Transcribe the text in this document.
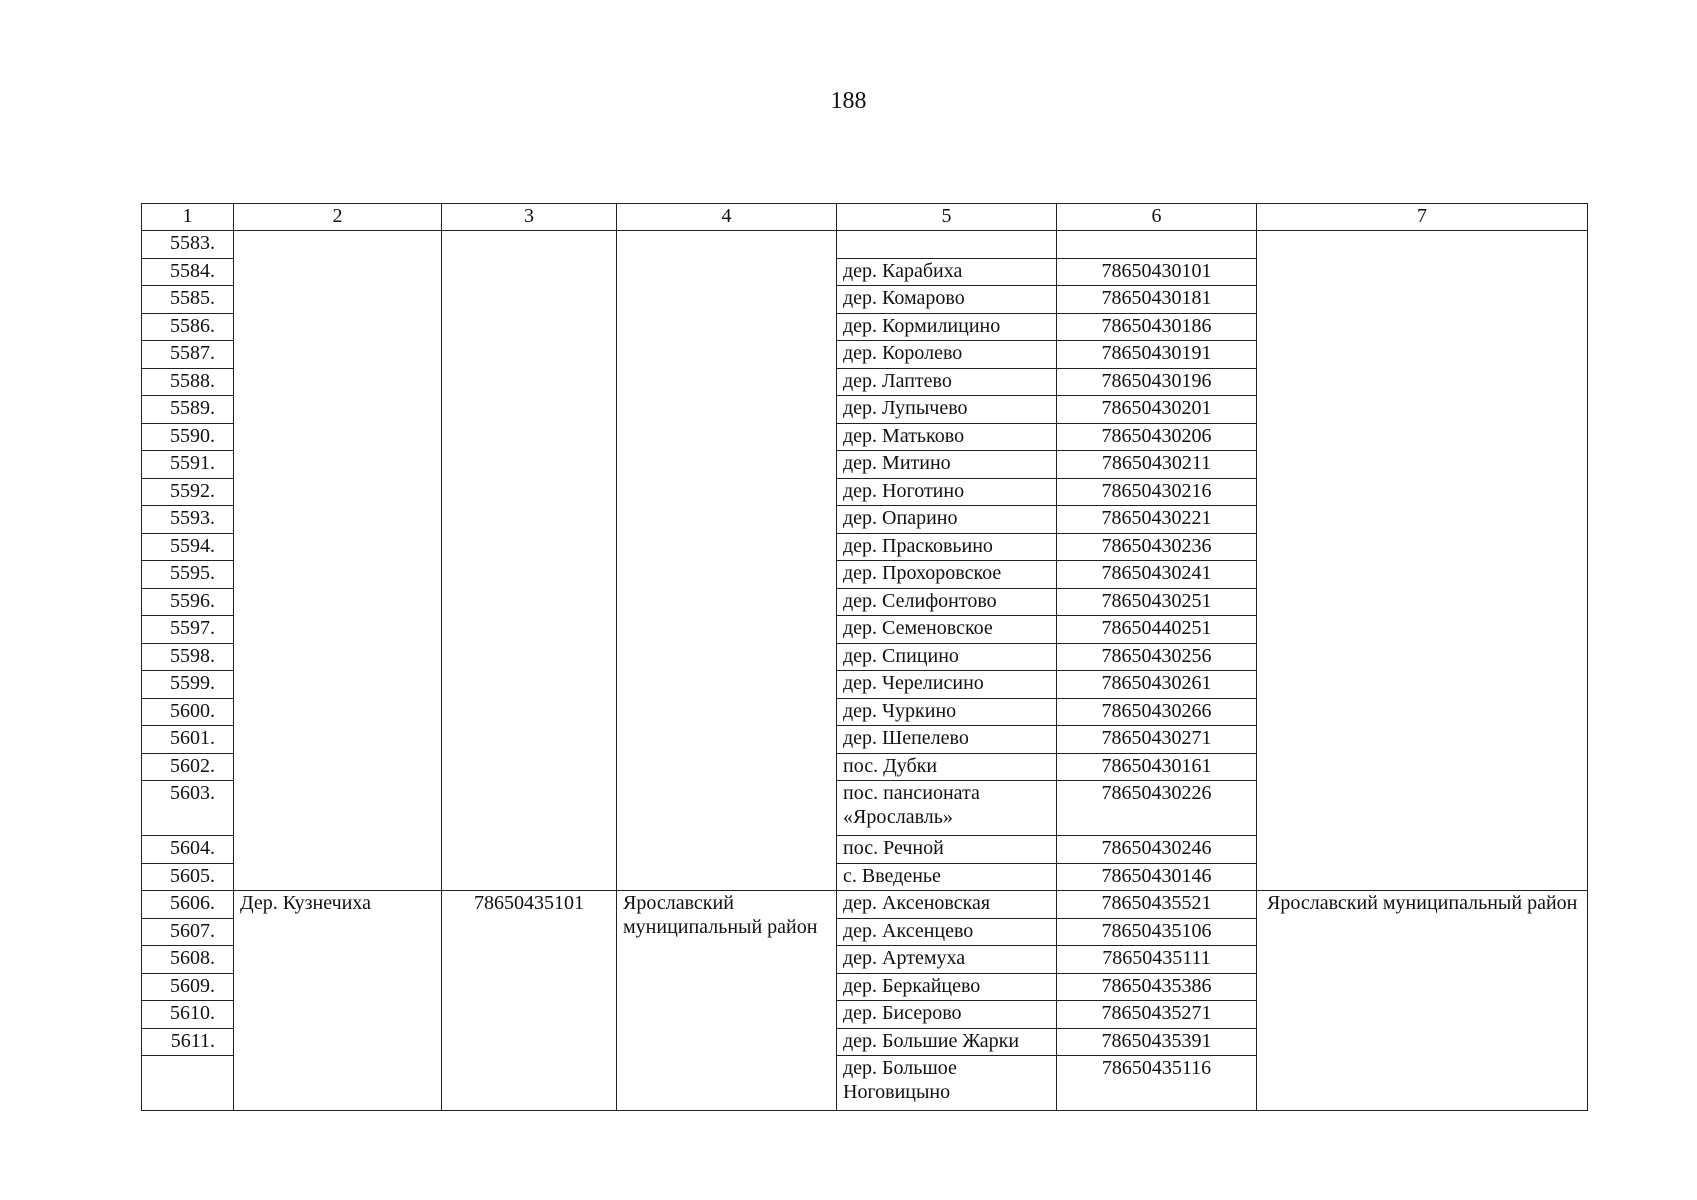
188
1	2	3	4	5	6	7
5583.						
5584.				дер. Карабиха	78650430101	
5585.				дер. Комарово	78650430181	
5586.				дер. Кормилицино	78650430186	
5587.				дер. Королево	78650430191	
5588.				дер. Лаптево	78650430196	
5589.				дер. Лупычево	78650430201	
5590.				дер. Матьково	78650430206	
5591.				дер. Митино	78650430211	
5592.				дер. Ноготино	78650430216	
5593.				дер. Опарино	78650430221	
5594.				дер. Прасковьино	78650430236	
5595.				дер. Прохоровское	78650430241	
5596.				дер. Селифонтово	78650430251	
5597.				дер. Семеновское	78650440251	
5598.				дер. Спицино	78650430256	
5599.				дер. Черелисино	78650430261	
5600.				дер. Чуркино	78650430266	
5601.				дер. Шепелево	78650430271	
5602.				пос. Дубки	78650430161	
5603.				пос. пансионата «Ярославль»	78650430226	
5604.				пос. Речной	78650430246	
5605.				с. Введенье	78650430146	
5606.	Дер. Кузнечиха	78650435101	Ярославский муниципальный район	дер. Аксеновская	78650435521	Ярославский муниципальный район
5607.				дер. Аксенцево	78650435106	
5608.				дер. Артемуха	78650435111	
5609.				дер. Беркайцево	78650435386	
5610.				дер. Бисерово	78650435271	
5611.				дер. Большие Жарки	78650435391	
				дер. Большое Ноговицыно	78650435116	
